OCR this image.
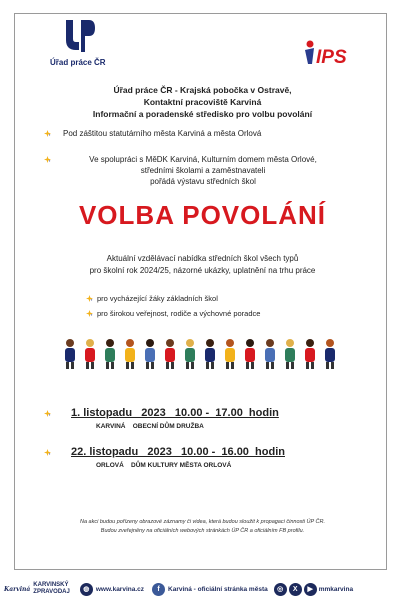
Úřad práce ČR	IPS
Úřad práce ČR - Krajská pobočka v Ostravě,
Kontaktní pracoviště Karviná
Informační a poradenské středisko pro volbu povolání
Pod záštitou statutárního města Karviná a města Orlová
Ve spolupráci s MěDK Karviná, Kulturním domem města Orlové,
středními školami a zaměstnavateli
pořádá výstavu středních škol
VOLBA POVOLÁNÍ
Aktuální vzdělávací nabídka středních škol všech typů
pro školní rok 2024/25, názorné ukázky, uplatnění na trhu práce
pro vycházející žáky základních škol
pro širokou veřejnost, rodiče a výchovné poradce
1. listopadu   2023   10.00 -  17.00  hodin
KARVINÁ    OBECNÍ DŮM DRUŽBA
22. listopadu   2023   10.00 -  16.00  hodin
ORLOVÁ    DŮM KULTURY MĚSTA ORLOVÁ
Na akci budou pořízeny obrazové záznamy či videa, která budou sloužit k propagaci činnosti ÚP ČR.
Budou zveřejněny na oficiálních webových stránkách ÚP ČR a oficiálním FB profilu.
Karviná
KARVINSKÝ
ZPRAVODAJ	◍ www.karvina.cz	f	Karviná - oficiální stránka města	◎	X	▶ mmkarvina
